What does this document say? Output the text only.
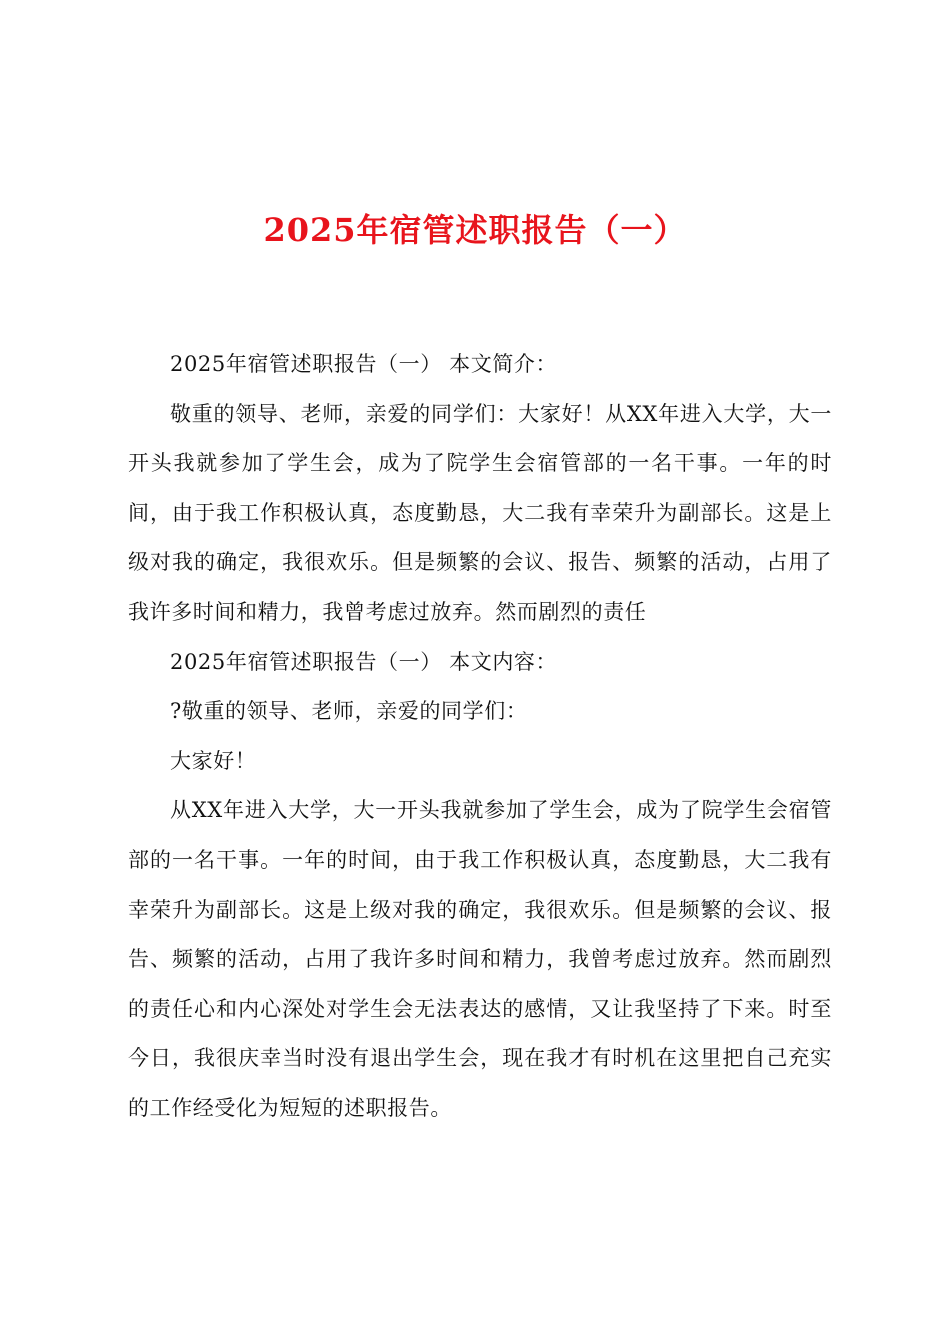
2025年宿管述职报告（一）

2025年宿管述职报告（一） 本文简介：

敬重的领导、老师，亲爱的同学们：大家好！从XX年进入大学，大一开头我就参加了学生会，成为了院学生会宿管部的一名干事。一年的时间，由于我工作积极认真，态度勤恳，大二我有幸荣升为副部长。这是上级对我的确定，我很欢乐。但是频繁的会议、报告、频繁的活动，占用了我许多时间和精力，我曾考虑过放弃。然而剧烈的责任

2025年宿管述职报告（一） 本文内容：

?敬重的领导、老师，亲爱的同学们：

大家好！

从XX年进入大学，大一开头我就参加了学生会，成为了院学生会宿管部的一名干事。一年的时间，由于我工作积极认真，态度勤恳，大二我有幸荣升为副部长。这是上级对我的确定，我很欢乐。但是频繁的会议、报告、频繁的活动，占用了我许多时间和精力，我曾考虑过放弃。然而剧烈的责任心和内心深处对学生会无法表达的感情，又让我坚持了下来。时至今日，我很庆幸当时没有退出学生会，现在我才有时机在这里把自己充实的工作经受化为短短的述职报告。
